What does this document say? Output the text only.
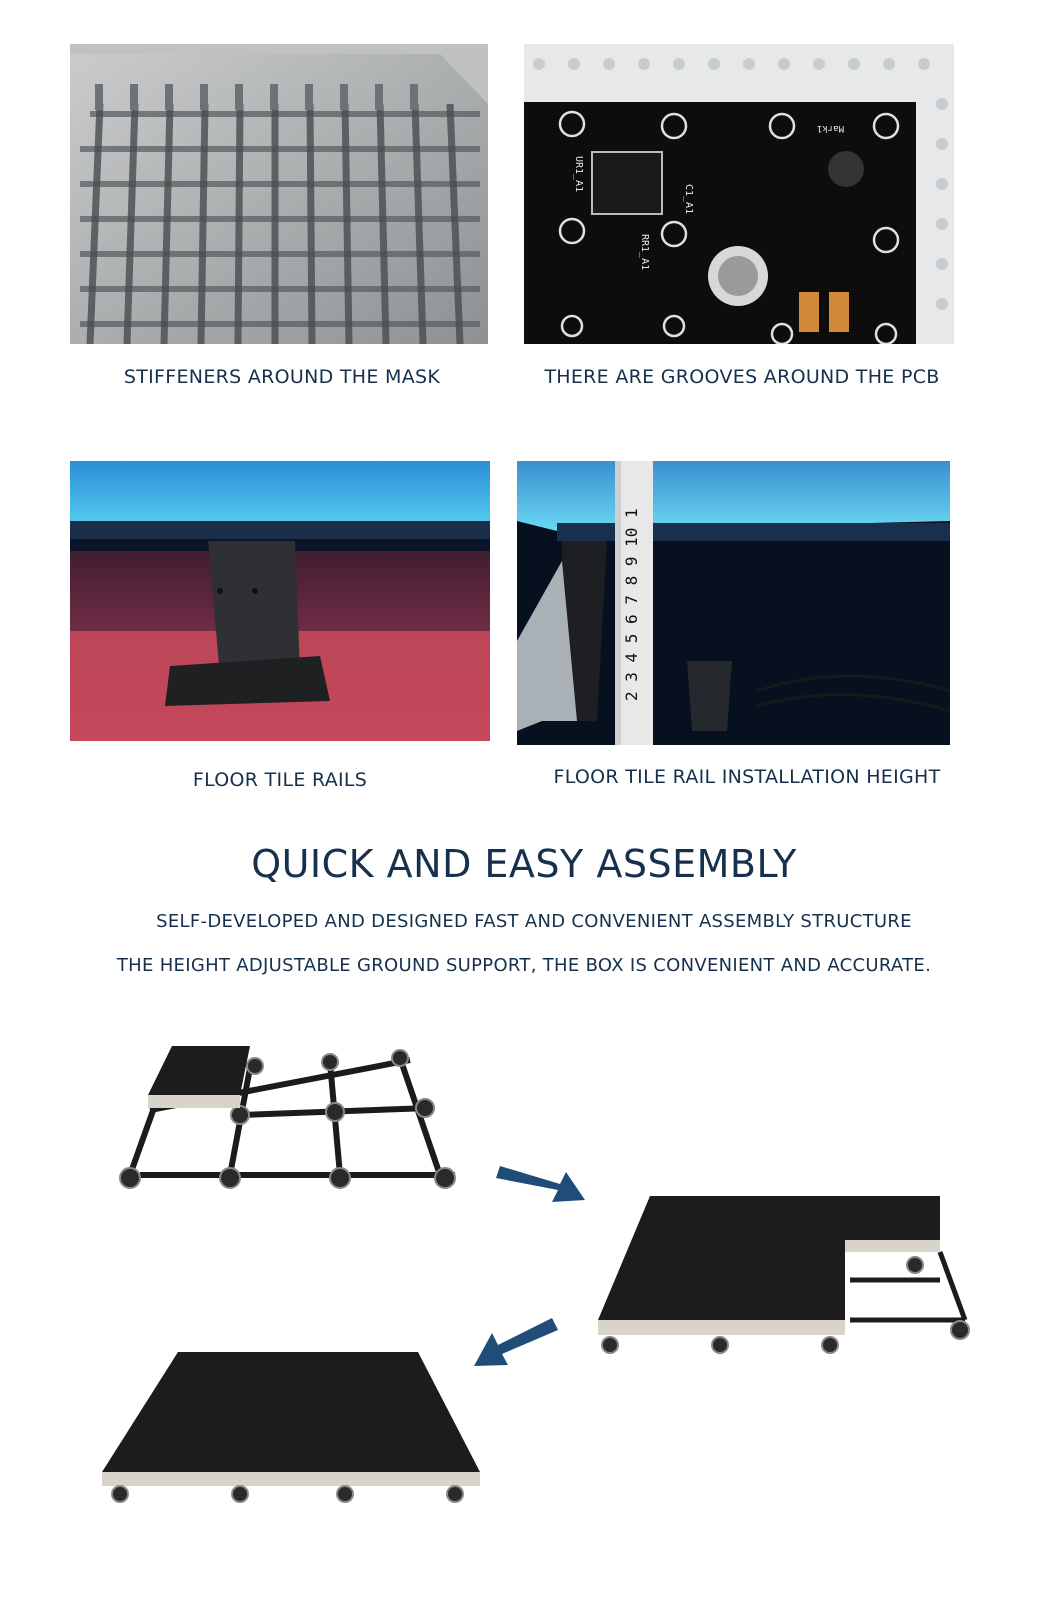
STIFFENERS AROUND THE MASK
UR1_A1
C1_A1
RR1_A1
Mark1
THERE ARE GROOVES AROUND THE PCB
FLOOR TILE RAILS
2 3 4 5 6 7 8 9 10 1
FLOOR TILE RAIL INSTALLATION HEIGHT
QUICK AND EASY ASSEMBLY
SELF-DEVELOPED AND DESIGNED FAST AND CONVENIENT ASSEMBLY STRUCTURE
THE HEIGHT ADJUSTABLE GROUND SUPPORT, THE BOX IS CONVENIENT AND ACCURATE.
